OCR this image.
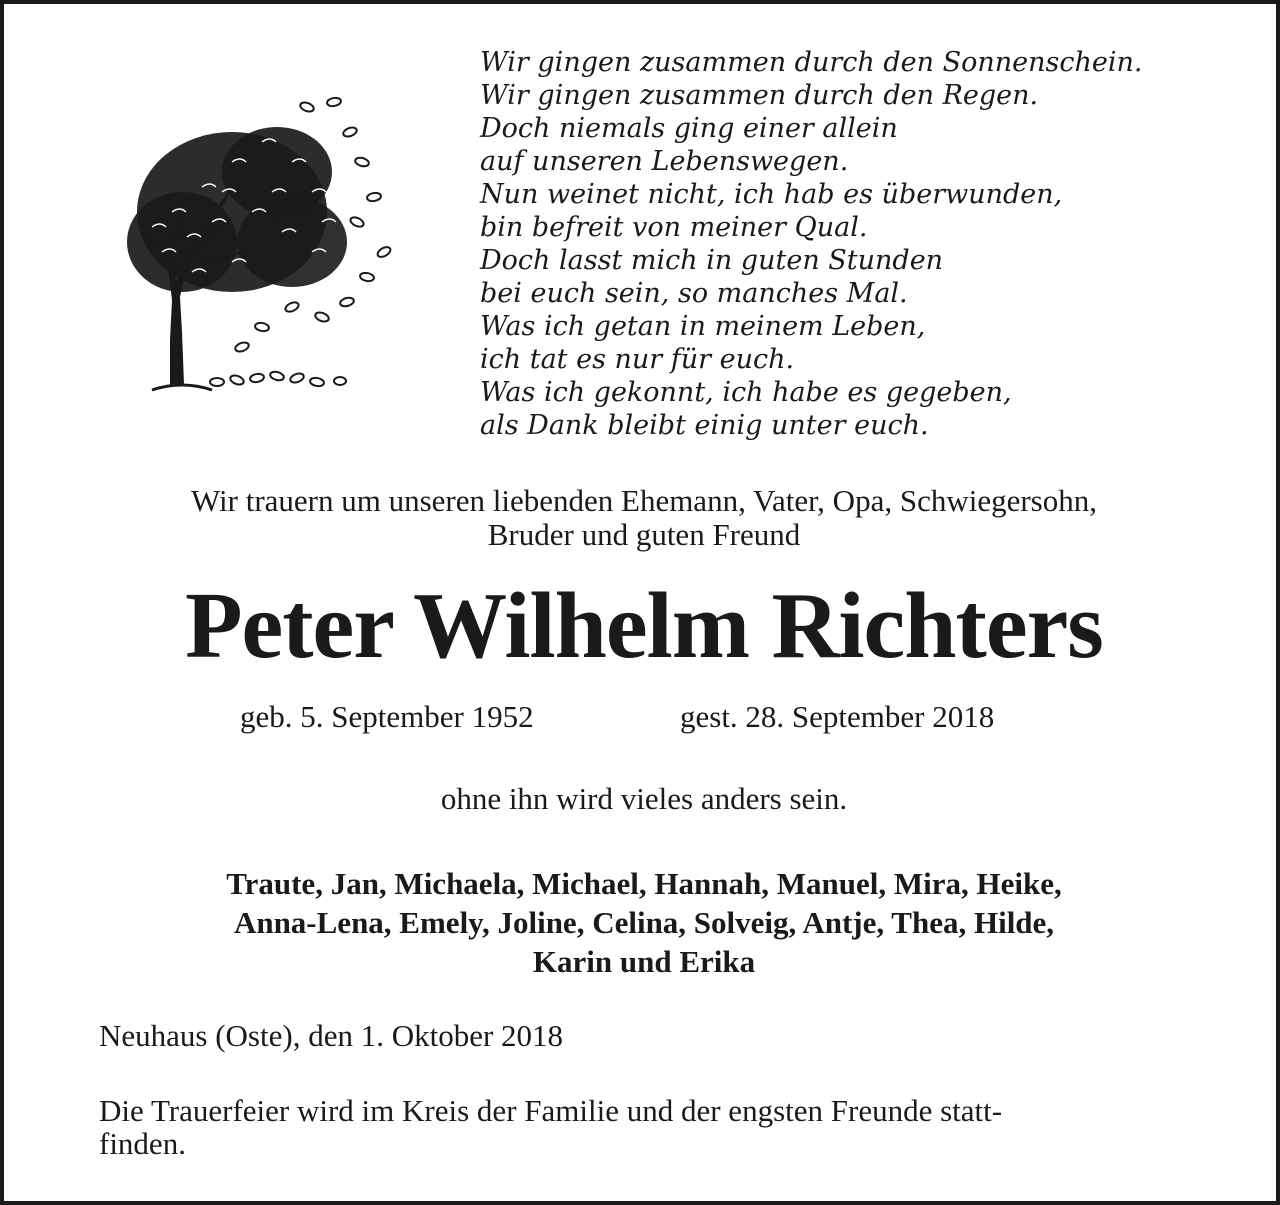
Wir gingen zusammen durch den Sonnenschein.
Wir gingen zusammen durch den Regen.
Doch niemals ging einer allein
auf unseren Lebenswegen.
Nun weinet nicht, ich hab es überwunden,
bin befreit von meiner Qual.
Doch lasst mich in guten Stunden
bei euch sein, so manches Mal.
Was ich getan in meinem Leben,
ich tat es nur für euch.
Was ich gekonnt, ich habe es gegeben,
als Dank bleibt einig unter euch.
Wir trauern um unseren liebenden Ehemann, Vater, Opa, Schwiegersohn,
Bruder und guten Freund
Peter Wilhelm Richters
geb. 5. September 1952	gest. 28. September 2018
ohne ihn wird vieles anders sein.
Traute, Jan, Michaela, Michael, Hannah, Manuel, Mira, Heike,
Anna-Lena, Emely, Joline, Celina, Solveig, Antje, Thea, Hilde,
Karin und Erika
Neuhaus (Oste), den 1. Oktober 2018
Die Trauerfeier wird im Kreis der Familie und der engsten Freunde statt-
finden.
